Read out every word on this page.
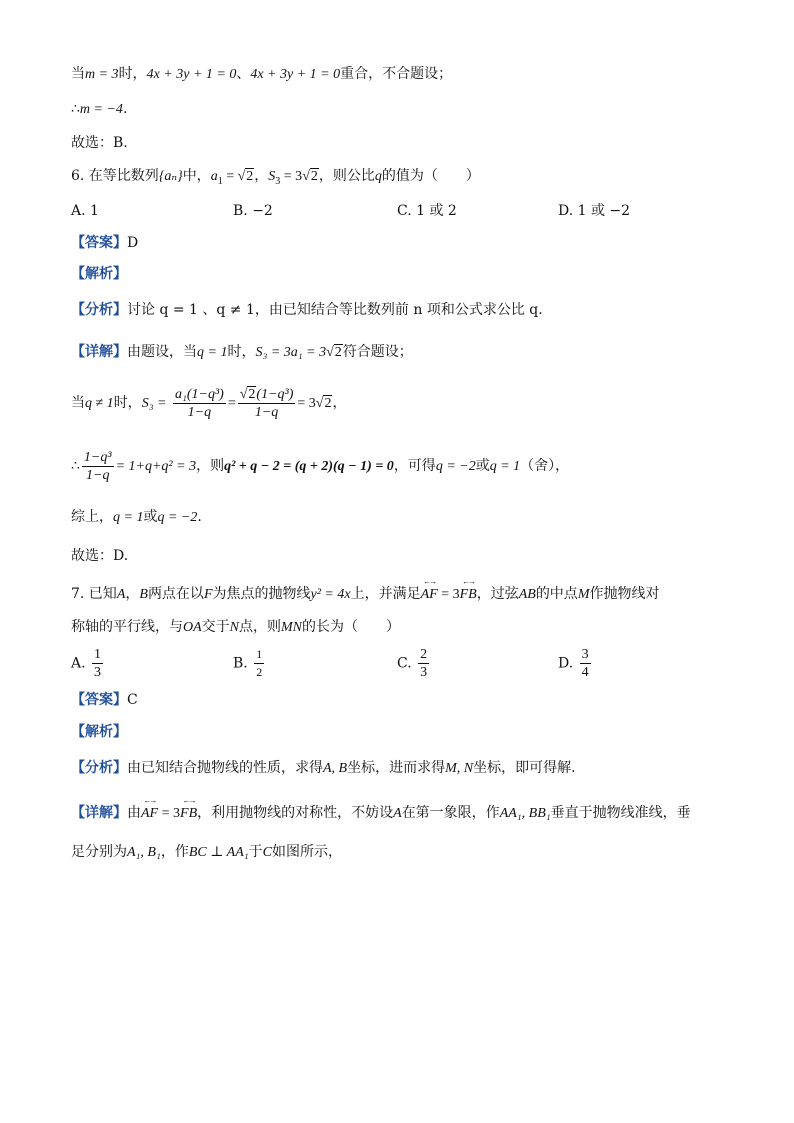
当m = 3时，4x + 3y + 1 = 0、4x + 3y + 1 = 0重合，不合题设；
∴m = −4.
故选：B.
6. 在等比数列{aₙ}中，$a_1 = √2$，$S_3 = 3√2$，则公比q的值为（　　）
A. 1	B. −2	C. 1 或 2	D. 1 或 −2
【答案】D
【解析】
【分析】讨论 q = 1 、q ≠ 1，由已知结合等比数列前 n 项和公式求公比 q.
【详解】由题设，当q = 1时，S₃ = 3a₁ = 3√2符合题设；
当q ≠ 1时，$S_3 = \frac{\text{a₁(1−q³)}}{1-q} = \frac{\text{√2(1−q³)}}{1-q} = 3√2$，
∴ $\frac{\text{1−q³}}{1-q} = 1+q+q^2 = 3$，则q² + q − 2 = (q + 2)(q − 1) = 0，可得q = −2或q = 1（舍），
综上，q = 1或q = −2.
故选：D.
7. 已知A，B两点在以F为焦点的抛物线y² = 4x上，并满足←→ AF = 3←→ FB，过弦AB的中点M作抛物线对
称轴的平行线，与OA交于N点，则MN的长为（　　）
A. $\frac{1}{3}$	B. $\frac{1}{2}$	C. $\frac{2}{3}$	D. $\frac{3}{4}$
【答案】C
【解析】
【分析】由已知结合抛物线的性质，求得A, B坐标，进而求得M, N坐标，即可得解.
【详解】由←→ AF = 3←→ FB，利用抛物线的对称性，不妨设A在第一象限，作AA₁, BB₁垂直于抛物线准线，垂
足分别为A₁, B₁，作BC ⊥ AA₁于C如图所示，
